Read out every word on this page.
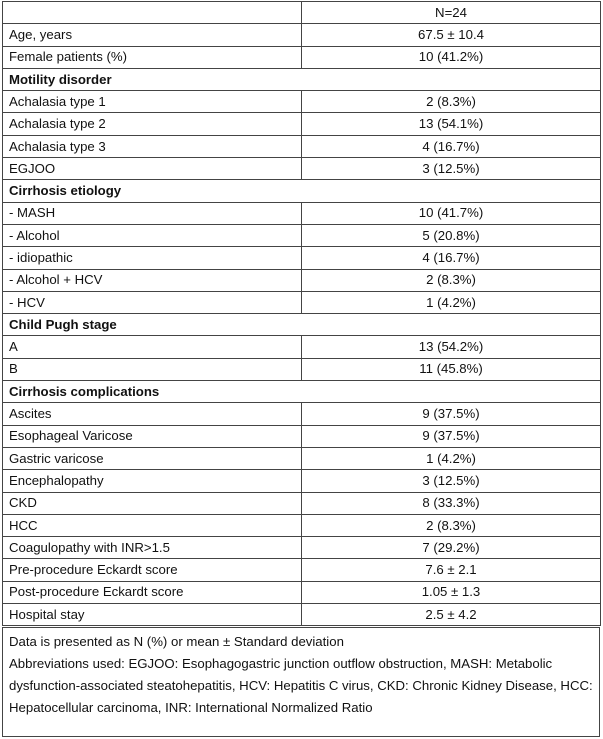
	N=24
Age, years	67.5 ± 10.4
Female patients (%)	10 (41.2%)
Motility disorder	
Achalasia type 1	2 (8.3%)
Achalasia type 2	13 (54.1%)
Achalasia type 3	4 (16.7%)
EGJOO	3 (12.5%)
Cirrhosis etiology	
- MASH	10 (41.7%)
- Alcohol	5 (20.8%)
- idiopathic	4 (16.7%)
- Alcohol + HCV	2 (8.3%)
- HCV	1 (4.2%)
Child Pugh stage	
A	13 (54.2%)
B	11 (45.8%)
Cirrhosis complications	
Ascites	9 (37.5%)
Esophageal Varicose	9 (37.5%)
Gastric varicose	1 (4.2%)
Encephalopathy	3 (12.5%)
CKD	8 (33.3%)
HCC	2 (8.3%)
Coagulopathy with INR>1.5	7 (29.2%)
Pre-procedure Eckardt score	7.6 ± 2.1
Post-procedure Eckardt score	1.05 ± 1.3
Hospital stay	2.5 ± 4.2

Data is presented as N (%) or mean ± Standard deviation

Abbreviations used: EGJOO: Esophagogastric junction outflow obstruction, MASH: Metabolic dysfunction-associated steatohepatitis, HCV: Hepatitis C virus, CKD: Chronic Kidney Disease, HCC: Hepatocellular carcinoma, INR: International Normalized Ratio
